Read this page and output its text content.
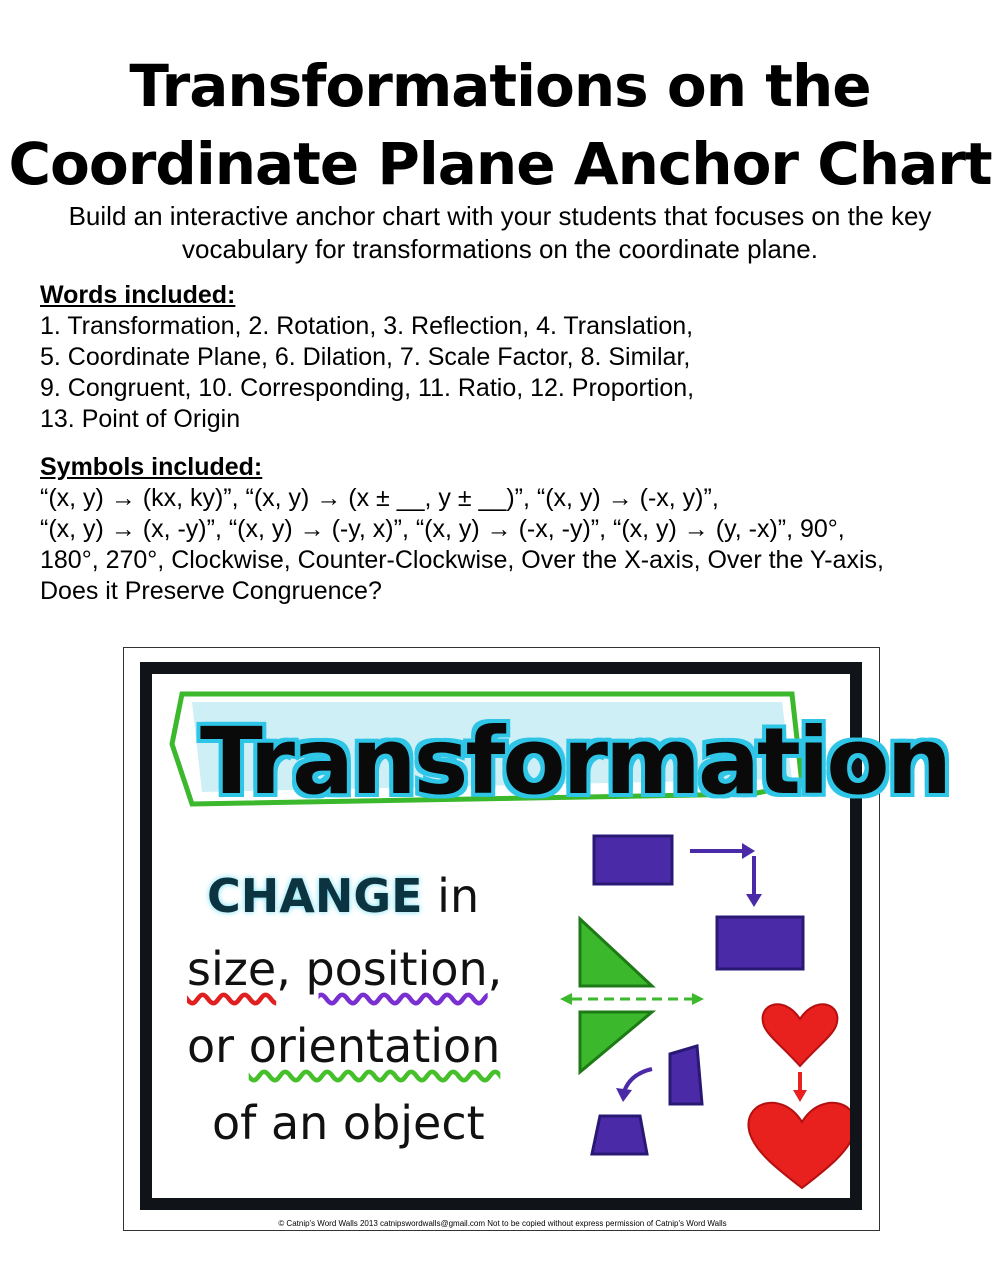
Transformations on the
Coordinate Plane Anchor Chart
Build an interactive anchor chart with your students that focuses on the key vocabulary for transformations on the coordinate plane.
Words included:
1. Transformation, 2. Rotation, 3. Reflection, 4. Translation,
5. Coordinate Plane, 6. Dilation, 7. Scale Factor, 8. Similar,
9. Congruent, 10. Corresponding, 11. Ratio, 12. Proportion,
13. Point of Origin
Symbols included:
“(x, y) → (kx, ky)”, “(x, y) → (x ± __, y ± __)”, “(x, y) → (-x, y)”,
“(x, y) → (x, -y)”, “(x, y) → (-y, x)”, “(x, y) → (-x, -y)”, “(x, y) → (y, -x)”, 90°,
180°, 270°, Clockwise, Counter-Clockwise, Over the X-axis, Over the Y-axis,
Does it Preserve Congruence?
Transformation
CHANGE in
size, position,
or orientation
of an object
© Catnip's Word Walls 2013 catnipswordwalls@gmail.com Not to be copied without express permission of Catnip's Word Walls
